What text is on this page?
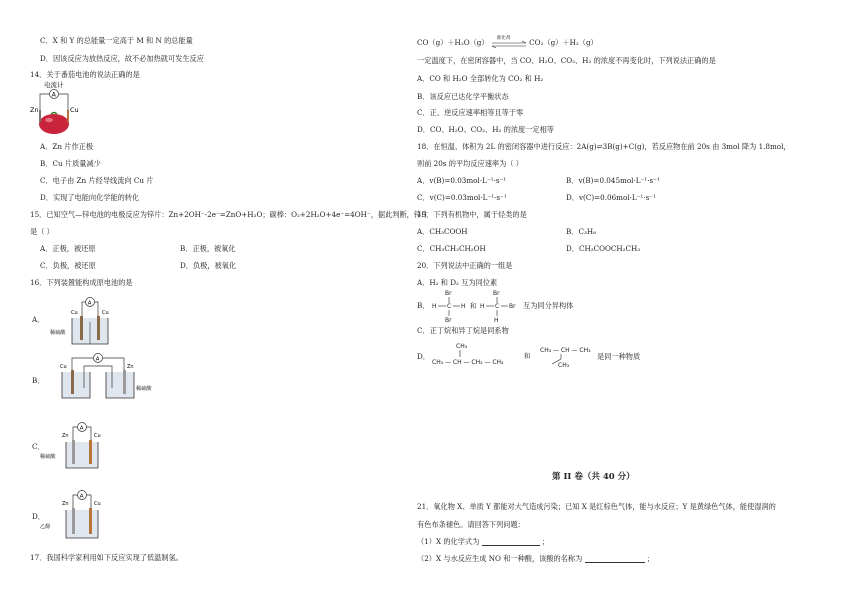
C．X 和 Y 的总能量一定高于 M 和 N 的总能量
D．因该反应为放热反应，故不必加热就可发生反应
14．关于番茄电池的说法正确的是
电流计
A
Zn	Cu
A．Zn 片作正极
B．Cu 片质量减少
C．电子由 Zn 片经导线流向 Cu 片
D．实现了电能向化学能的转化
15．已知空气—锌电池的电极反应为锌片：Zn+2OH⁻-2e⁻=ZnO+H₂O；碳棒：O₂+2H₂O+4e⁻=4OH⁻，据此判断，锌片
是（ ）
A．正极，被还原	B．正极，被氧化
C．负极，被还原	D．负极，被氧化
16．下列装置能构成原电池的是
A．
A
Cu	Cu
稀硫酸
B．
A
Cu	Zn
稀硫酸
C．
A
Zn	Cu
稀硫酸
D．
A
Zn	Cu
乙醇
17．我国科学家利用如下反应实现了低温制氢。
CO（g）＋H₂O（g） 催化剂	CO₂（g）＋H₂（g）
一定温度下，在密闭容器中，当 CO、H₂O、CO₂、H₂ 的浓度不再变化时，下列说法正确的是
A．CO 和 H₂O 全部转化为 CO₂ 和 H₂
B．该反应已达化学平衡状态
C．正、逆反应速率相等且等于零
D．CO、H₂O、CO₂、H₂ 的浓度一定相等
18．在恒温、体积为 2L 的密闭容器中进行反应：2A(g)⇌3B(g)+C(g)，若反应物在前 20s 由 3mol 降为 1.8mol，
则前 20s 的平均反应速率为（ ）
A．v(B)=0.03mol·L⁻¹·s⁻¹	B．v(B)=0.045mol·L⁻¹·s⁻¹
C．v(C)=0.03mol·L⁻¹·s⁻¹	D．v(C)=0.06mol·L⁻¹·s⁻¹
19．下列有机物中，属于烃类的是
A．CH₃COOH	B．C₃H₈
C．CH₃CH₂CH₂OH	D．CH₃COOCH₂CH₃
20．下列说法中正确的一组是
A．H₂ 和 D₂ 互为同位素
B． H C
Br
Br
H 和 H C
Br
H
Br 互为同分异构体
C．正丁烷和异丁烷是同系物
D．
CH₃
CH₃ — CH — CH₂ — CH₃
和
CH₃ — CH — CH₃
CH₃
是同一种物质
第 II 卷（共 40 分）
21．氧化物 X、单质 Y 都能对大气造成污染；已知 X 是红棕色气体，能与水反应；Y 是黄绿色气体，能使湿润的
有色布条褪色。请回答下列问题：
（1）X 的化学式为	；
（2）X 与水反应生成 NO 和一种酸，该酸的名称为	；
